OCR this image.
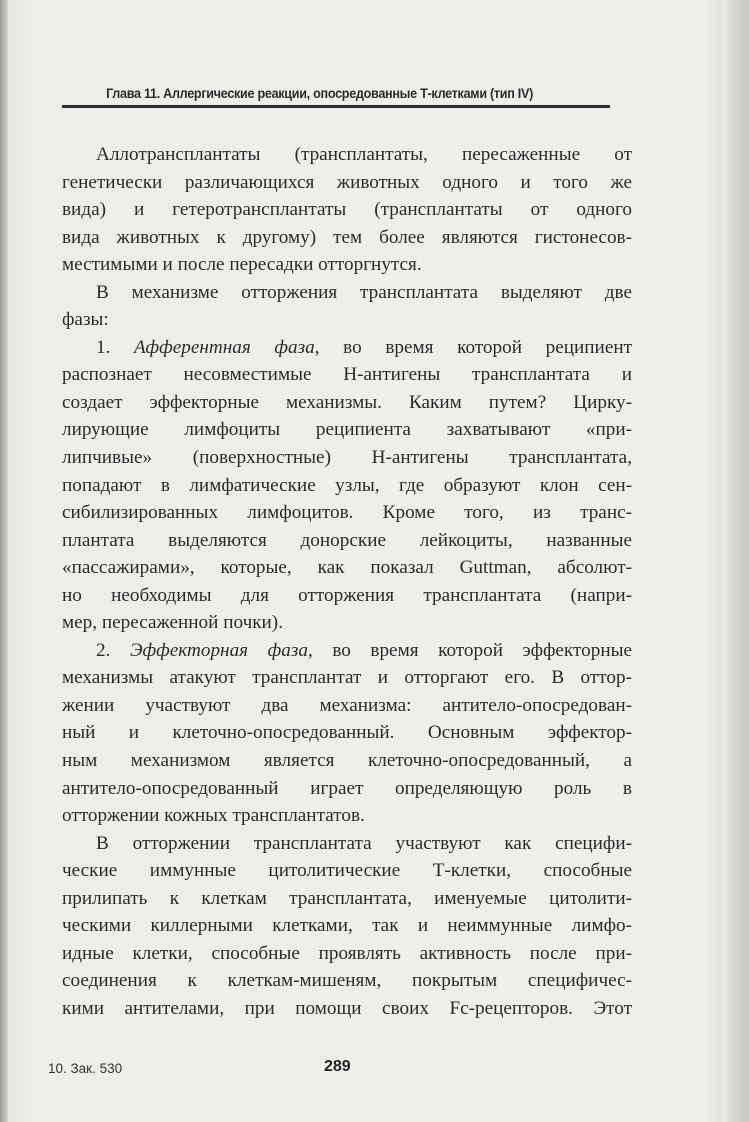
Глава 11. Аллергические реакции, опосредованные Т-клетками (тип IV)

Аллотрансплантаты (трансплантаты, пересаженные от
генетически различающихся животных одного и того же
вида) и гетеротрансплантаты (трансплантаты от одного
вида животных к другому) тем более являются гистонесов-
местимыми и после пересадки отторгнутся.

В механизме отторжения трансплантата выделяют две
фазы:

1. Афферентная фаза, во время которой реципиент
распознает несовместимые Н-антигены трансплантата и
создает эффекторные механизмы. Каким путем? Цирку-
лирующие лимфоциты реципиента захватывают «при-
липчивые» (поверхностные) Н-антигены трансплантата,
попадают в лимфатические узлы, где образуют клон сен-
сибилизированных лимфоцитов. Кроме того, из транс-
плантата выделяются донорские лейкоциты, названные
«пассажирами», которые, как показал Guttman, абсолют-
но необходимы для отторжения трансплантата (напри-
мер, пересаженной почки).

2. Эффекторная фаза, во время которой эффекторные
механизмы атакуют трансплантат и отторгают его. В оттор-
жении участвуют два механизма: антитело-опосредован-
ный и клеточно-опосредованный. Основным эффектор-
ным механизмом является клеточно-опосредованный, а
антитело-опосредованный играет определяющую роль в
отторжении кожных трансплантатов.

В отторжении трансплантата участвуют как специфи-
ческие иммунные цитолитические Т-клетки, способные
прилипать к клеткам трансплантата, именуемые цитолити-
ческими киллерными клетками, так и неиммунные лимфо-
идные клетки, способные проявлять активность после при-
соединения к клеткам-мишеням, покрытым специфичес-
кими антителами, при помощи своих Fc-рецепторов. Этот

10. Зак. 530	289
